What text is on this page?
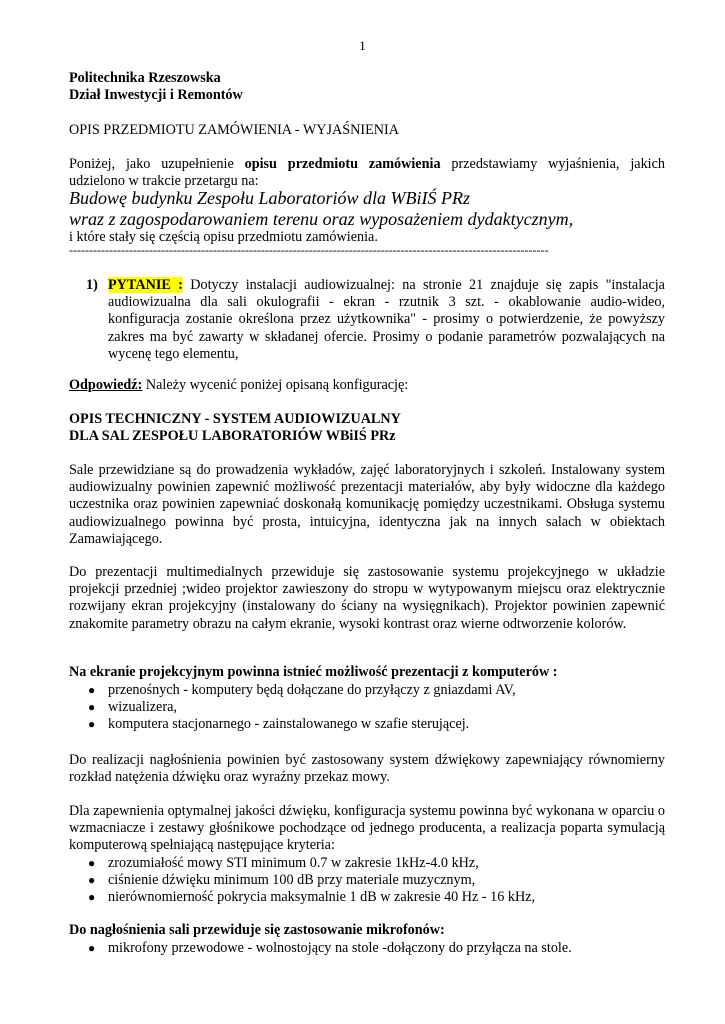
1
Politechnika Rzeszowska
Dział Inwestycji i Remontów
OPIS PRZEDMIOTU ZAMÓWIENIA - WYJAŚNIENIA
Poniżej, jako uzupełnienie opisu przedmiotu zamówienia przedstawiamy wyjaśnienia, jakich udzielono w trakcie przetargu na:
Budowę budynku Zespołu Laboratoriów dla WBiIŚ PRz
wraz z zagospodarowaniem terenu oraz wyposażeniem dydaktycznym,
i które stały się częścią opisu przedmiotu zamówienia.
------------------------------------------------------------------------------------------------------------------------
1) PYTANIE : Dotyczy instalacji audiowizualnej: na stronie 21 znajduje się zapis "instalacja audiowizualna dla sali okulografii - ekran - rzutnik 3 szt. - okablowanie audio-wideo, konfiguracja zostanie określona przez użytkownika" - prosimy o potwierdzenie, że powyższy zakres ma być zawarty w składanej ofercie. Prosimy o podanie parametrów pozwalających na wycenę tego elementu,
Odpowiedź: Należy wycenić poniżej opisaną konfigurację:
OPIS TECHNICZNY - SYSTEM AUDIOWIZUALNY
DLA SAL ZESPOŁU LABORATORIÓW WBiIŚ PRz
Sale przewidziane są do prowadzenia wykładów, zajęć laboratoryjnych i szkoleń. Instalowany system audiowizualny powinien zapewnić możliwość prezentacji materiałów, aby były widoczne dla każdego uczestnika oraz powinien zapewniać doskonałą komunikację pomiędzy uczestnikami. Obsługa systemu audiowizualnego powinna być prosta, intuicyjna, identyczna jak na innych salach w obiektach Zamawiającego.
Do prezentacji multimedialnych przewiduje się zastosowanie systemu projekcyjnego w układzie projekcji przedniej ;wideo projektor zawieszony do stropu w wytypowanym miejscu oraz elektrycznie rozwijany ekran projekcyjny (instalowany do ściany na wysięgnikach). Projektor powinien zapewnić znakomite parametry obrazu na całym ekranie, wysoki kontrast oraz wierne odtworzenie kolorów.
Na ekranie projekcyjnym powinna istnieć możliwość prezentacji z komputerów :
● przenośnych - komputery będą dołączane do przyłączy z gniazdami AV,
● wizualizera,
● komputera stacjonarnego - zainstalowanego w szafie sterującej.
Do realizacji nagłośnienia powinien być zastosowany system dźwiękowy zapewniający równomierny rozkład natężenia dźwięku oraz wyraźny przekaz mowy.
Dla zapewnienia optymalnej jakości dźwięku, konfiguracja systemu powinna być wykonana w oparciu o wzmacniacze i zestawy głośnikowe pochodzące od jednego producenta, a realizacja poparta symulacją komputerową spełniającą następujące kryteria:
● zrozumiałość mowy STI minimum 0.7 w zakresie 1kHz-4.0 kHz,
● ciśnienie dźwięku minimum 100 dB przy materiale muzycznym,
● nierównomierność pokrycia maksymalnie 1 dB w zakresie 40 Hz - 16 kHz,
Do nagłośnienia sali przewiduje się zastosowanie mikrofonów:
● mikrofony przewodowe - wolnostojący na stole -dołączony do przyłącza na stole.
